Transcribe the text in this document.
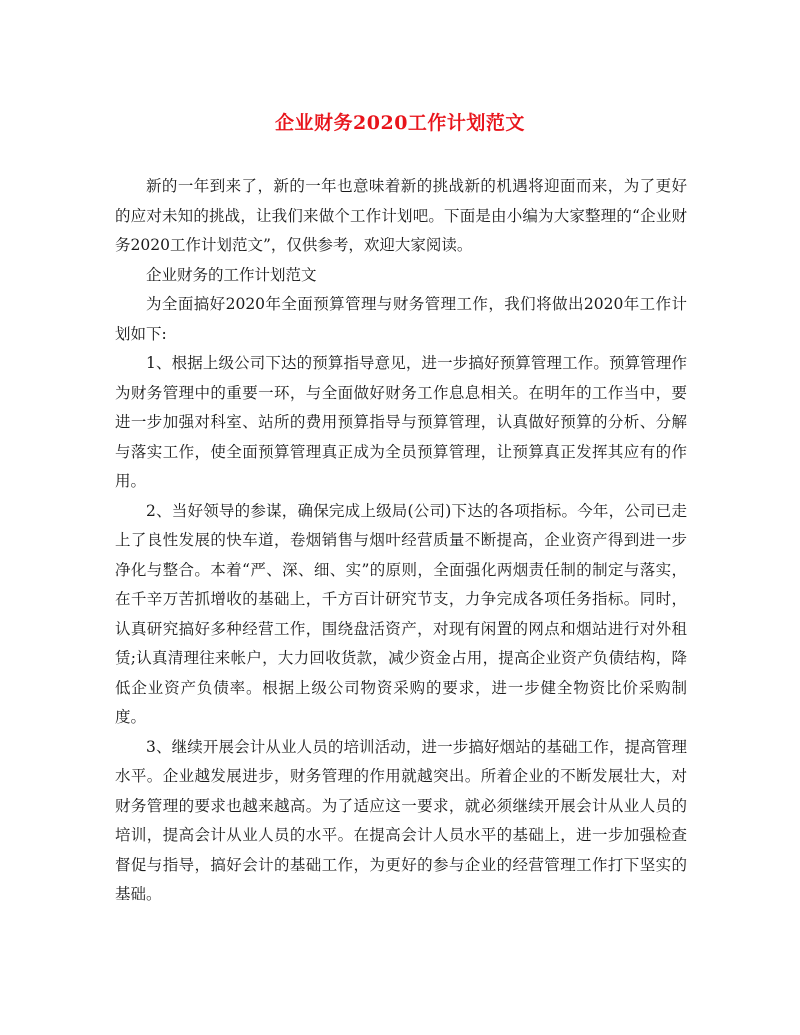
企业财务2020工作计划范文

新的一年到来了，新的一年也意味着新的挑战新的机遇将迎面而来，为了更好的应对未知的挑战，让我们来做个工作计划吧。下面是由小编为大家整理的“企业财务2020工作计划范文”，仅供参考，欢迎大家阅读。

企业财务的工作计划范文

为全面搞好2020年全面预算管理与财务管理工作，我们将做出2020年工作计划如下:

1、根据上级公司下达的预算指导意见，进一步搞好预算管理工作。预算管理作为财务管理中的重要一环，与全面做好财务工作息息相关。在明年的工作当中，要进一步加强对科室、站所的费用预算指导与预算管理，认真做好预算的分析、分解与落实工作，使全面预算管理真正成为全员预算管理，让预算真正发挥其应有的作用。

2、当好领导的参谋，确保完成上级局(公司)下达的各项指标。今年，公司已走上了良性发展的快车道，卷烟销售与烟叶经营质量不断提高，企业资产得到进一步净化与整合。本着“严、深、细、实”的原则，全面强化两烟责任制的制定与落实，在千辛万苦抓增收的基础上，千方百计研究节支，力争完成各项任务指标。同时，认真研究搞好多种经营工作，围绕盘活资产，对现有闲置的网点和烟站进行对外租赁;认真清理往来帐户，大力回收货款，减少资金占用，提高企业资产负债结构，降低企业资产负债率。根据上级公司物资采购的要求，进一步健全物资比价采购制度。

3、继续开展会计从业人员的培训活动，进一步搞好烟站的基础工作，提高管理水平。企业越发展进步，财务管理的作用就越突出。所着企业的不断发展壮大，对财务管理的要求也越来越高。为了适应这一要求，就必须继续开展会计从业人员的培训，提高会计从业人员的水平。在提高会计人员水平的基础上，进一步加强检查督促与指导，搞好会计的基础工作，为更好的参与企业的经营管理工作打下坚实的基础。
